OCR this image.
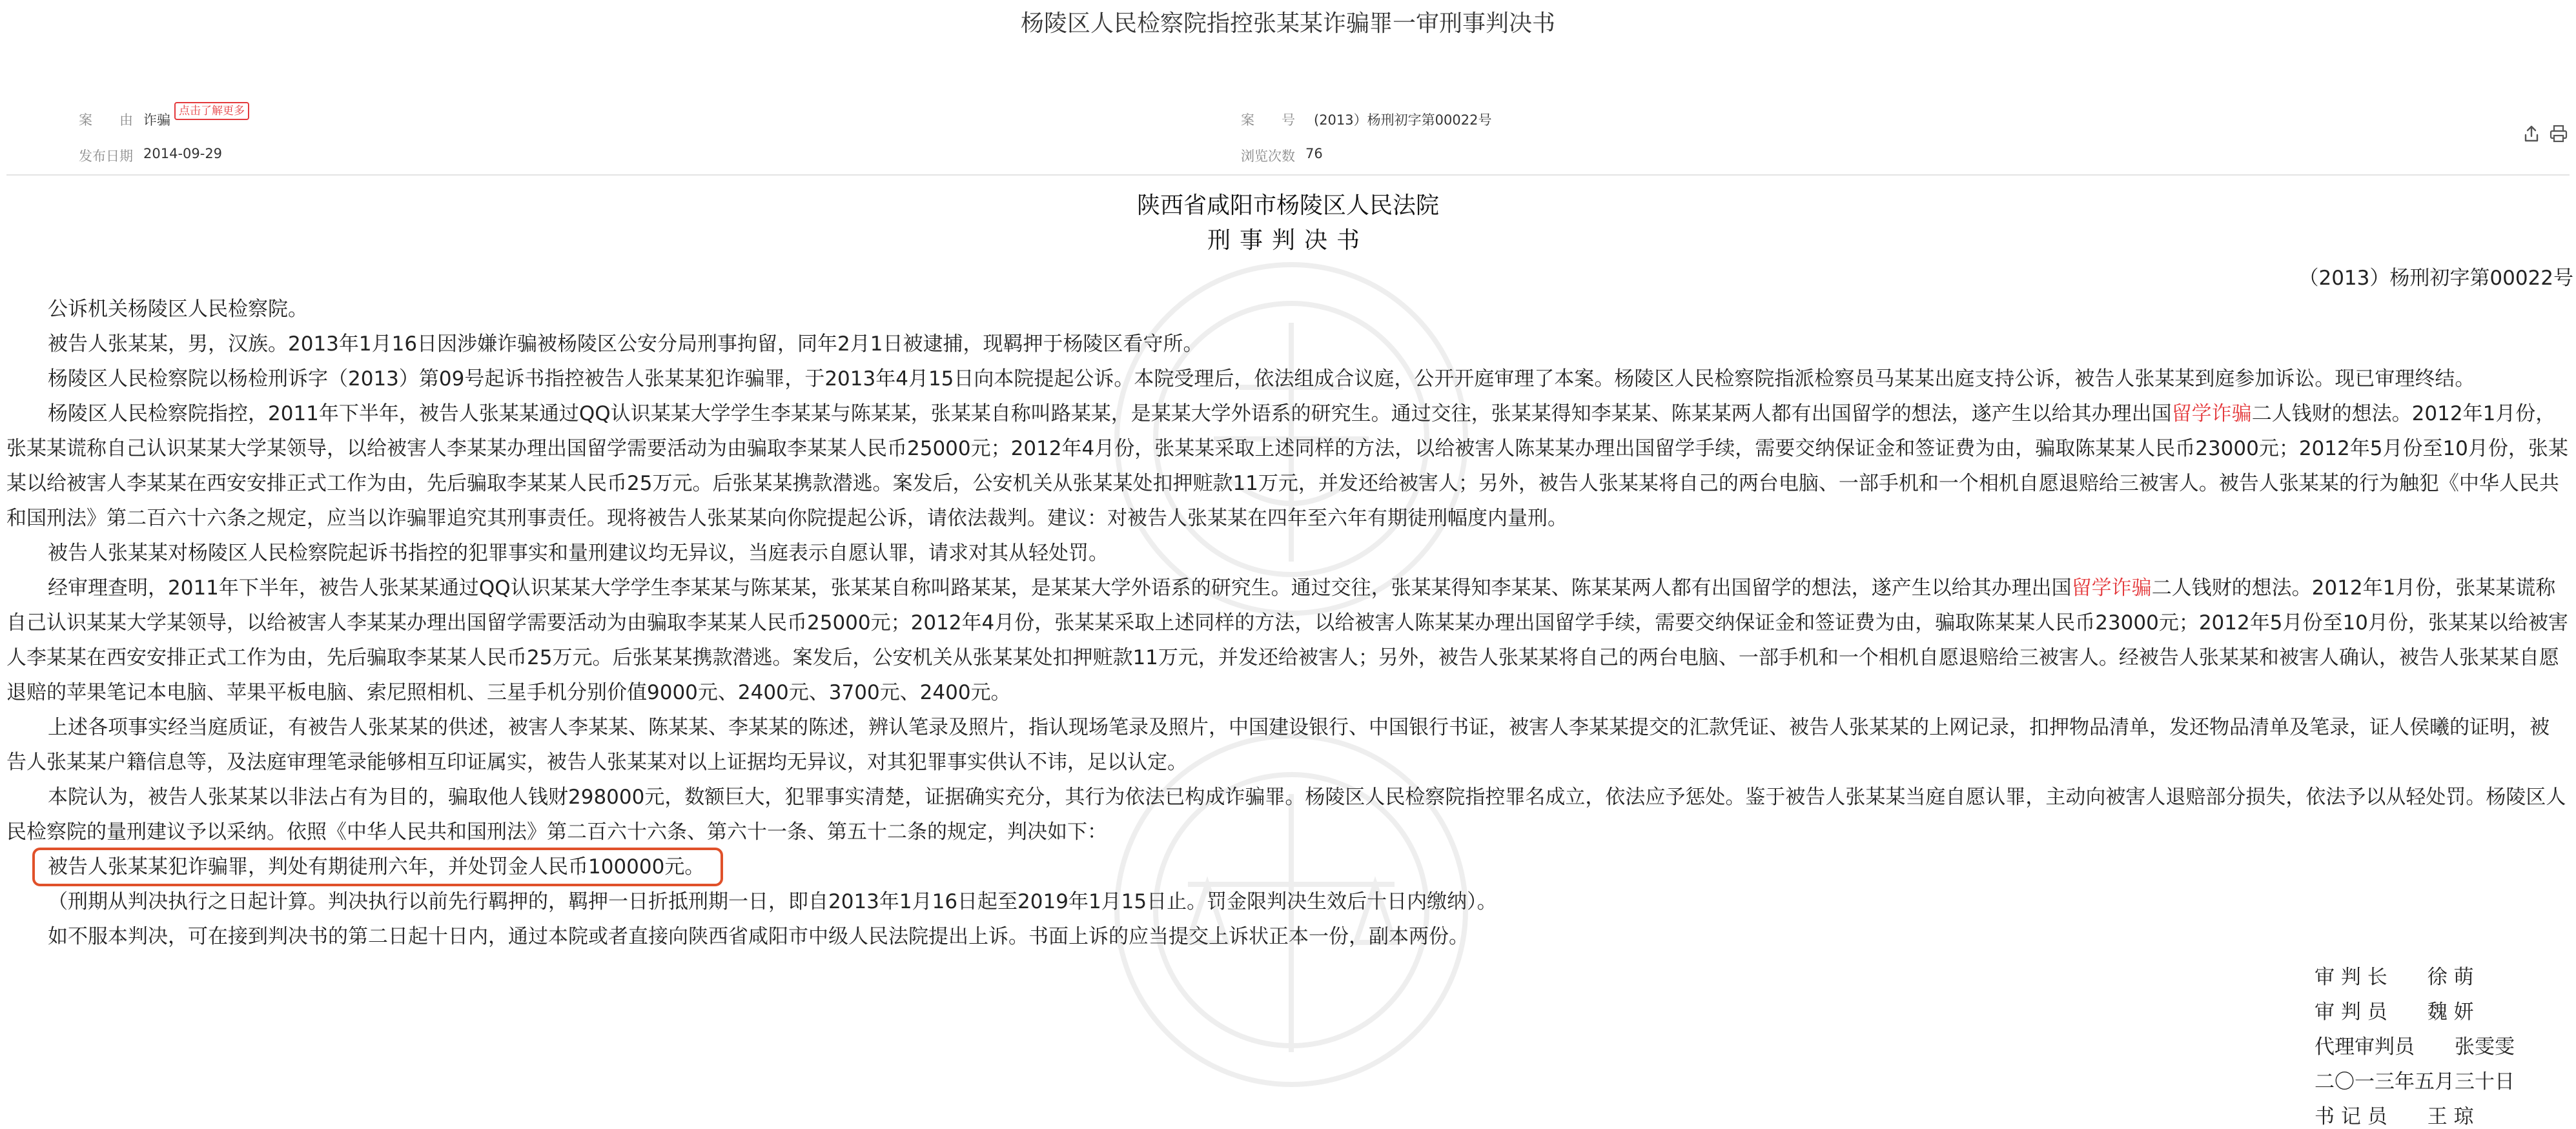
杨陵区人民检察院指控张某某诈骗罪一审刑事判决书
案　　由 诈骗
点击了解更多
案　　号 (2013）杨刑初字第00022号
发布日期 2014-09-29	浏览次数 76
陕西省咸阳市杨陵区人民法院
刑事判决书
（2013）杨刑初字第00022号

公诉机关杨陵区人民检察院。

被告人张某某，男，汉族。2013年1月16日因涉嫌诈骗被杨陵区公安分局刑事拘留，同年2月1日被逮捕，现羁押于杨陵区看守所。

杨陵区人民检察院以杨检刑诉字（2013）第09号起诉书指控被告人张某某犯诈骗罪，于2013年4月15日向本院提起公诉。本院受理后，依法组成合议庭，公开开庭审理了本案。杨陵区人民检察院指派检察员马某某出庭支持公诉，被告人张某某到庭参加诉讼。现已审理终结。

杨陵区人民检察院指控，2011年下半年，被告人张某某通过QQ认识某某大学学生李某某与陈某某，张某某自称叫路某某，是某某大学外语系的研究生。通过交往，张某某得知李某某、陈某某两人都有出国留学的想法，遂产生以给其办理出国留学诈骗二人钱财的想法。2012年1月份，张某某谎称自己认识某某大学某领导，以给被害人李某某办理出国留学需要活动为由骗取李某某人民币25000元；2012年4月份，张某某采取上述同样的方法，以给被害人陈某某办理出国留学手续，需要交纳保证金和签证费为由，骗取陈某某人民币23000元；2012年5月份至10月份，张某某以给被害人李某某在西安安排正式工作为由，先后骗取李某某人民币25万元。后张某某携款潜逃。案发后，公安机关从张某某处扣押赃款11万元，并发还给被害人；另外，被告人张某某将自己的两台电脑、一部手机和一个相机自愿退赔给三被害人。被告人张某某的行为触犯《中华人民共和国刑法》第二百六十六条之规定，应当以诈骗罪追究其刑事责任。现将被告人张某某向你院提起公诉，请依法裁判。建议：对被告人张某某在四年至六年有期徒刑幅度内量刑。

被告人张某某对杨陵区人民检察院起诉书指控的犯罪事实和量刑建议均无异议，当庭表示自愿认罪，请求对其从轻处罚。

经审理查明，2011年下半年，被告人张某某通过QQ认识某某大学学生李某某与陈某某，张某某自称叫路某某，是某某大学外语系的研究生。通过交往，张某某得知李某某、陈某某两人都有出国留学的想法，遂产生以给其办理出国留学诈骗二人钱财的想法。2012年1月份，张某某谎称自己认识某某大学某领导，以给被害人李某某办理出国留学需要活动为由骗取李某某人民币25000元；2012年4月份，张某某采取上述同样的方法，以给被害人陈某某办理出国留学手续，需要交纳保证金和签证费为由，骗取陈某某人民币23000元；2012年5月份至10月份，张某某以给被害人李某某在西安安排正式工作为由，先后骗取李某某人民币25万元。后张某某携款潜逃。案发后，公安机关从张某某处扣押赃款11万元，并发还给被害人；另外，被告人张某某将自己的两台电脑、一部手机和一个相机自愿退赔给三被害人。经被告人张某某和被害人确认，被告人张某某自愿退赔的苹果笔记本电脑、苹果平板电脑、索尼照相机、三星手机分别价值9000元、2400元、3700元、2400元。

上述各项事实经当庭质证，有被告人张某某的供述，被害人李某某、陈某某、李某某的陈述，辨认笔录及照片，指认现场笔录及照片，中国建设银行、中国银行书证，被害人李某某提交的汇款凭证、被告人张某某的上网记录，扣押物品清单，发还物品清单及笔录，证人侯曦的证明，被告人张某某户籍信息等，及法庭审理笔录能够相互印证属实，被告人张某某对以上证据均无异议，对其犯罪事实供认不讳，足以认定。

本院认为，被告人张某某以非法占有为目的，骗取他人钱财298000元，数额巨大，犯罪事实清楚，证据确实充分，其行为依法已构成诈骗罪。杨陵区人民检察院指控罪名成立，依法应予惩处。鉴于被告人张某某当庭自愿认罪，主动向被害人退赔部分损失，依法予以从轻处罚。杨陵区人民检察院的量刑建议予以采纳。依照《中华人民共和国刑法》第二百六十六条、第六十一条、第五十二条的规定，判决如下：

被告人张某某犯诈骗罪，判处有期徒刑六年，并处罚金人民币100000元。

（刑期从判决执行之日起计算。判决执行以前先行羁押的，羁押一日折抵刑期一日，即自2013年1月16日起至2019年1月15日止。罚金限判决生效后十日内缴纳）。

如不服本判决，可在接到判决书的第二日起十日内，通过本院或者直接向陕西省咸阳市中级人民法院提出上诉。书面上诉的应当提交上诉状正本一份，副本两份。

审 判 长　　徐 萌
审 判 员　　魏 妍
代理审判员　　张雯雯
二〇一三年五月三十日
书 记 员　　王 琼
